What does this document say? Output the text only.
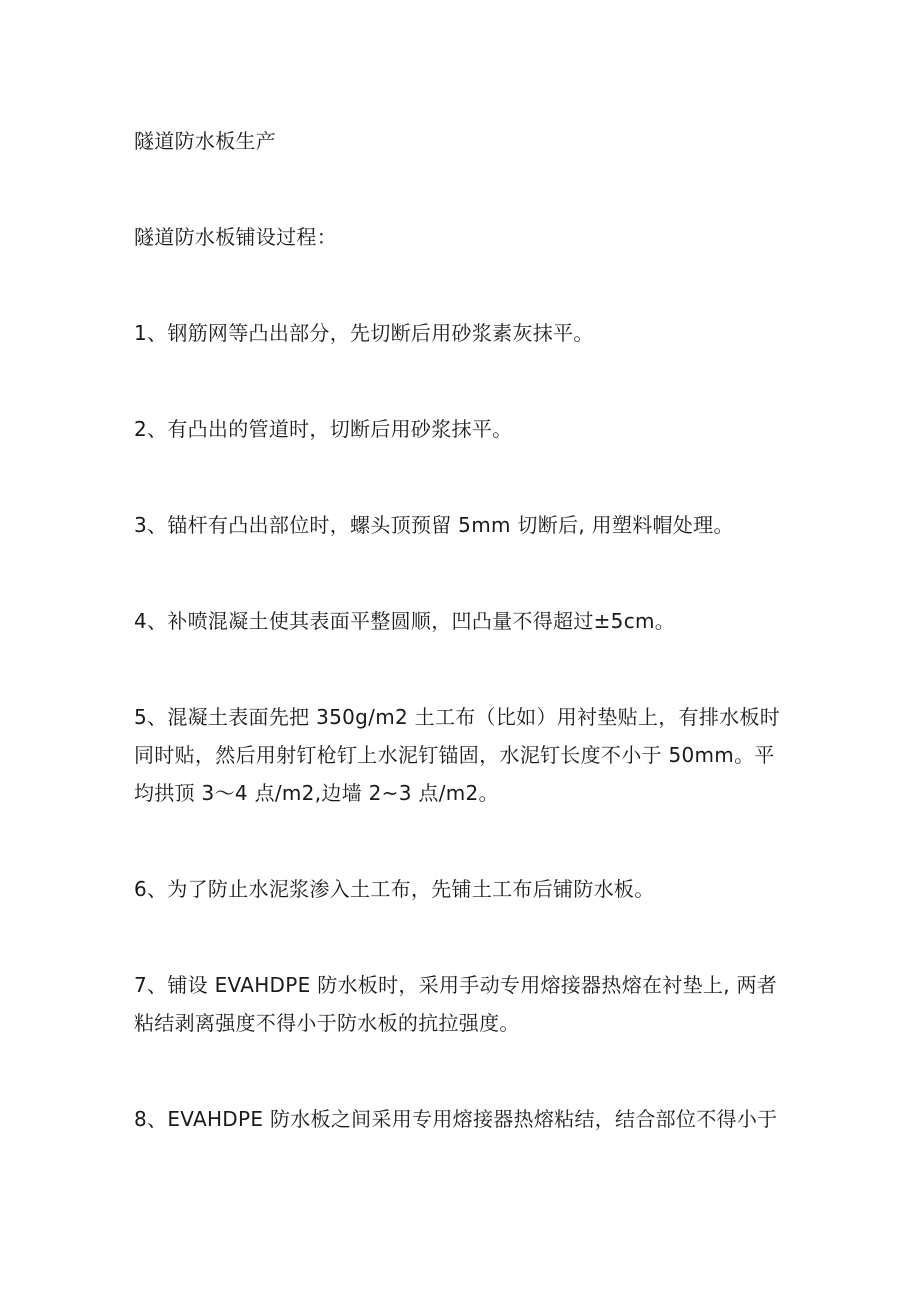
隧道防水板生产

隧道防水板铺设过程：

1、钢筋网等凸出部分，先切断后用砂浆素灰抹平。

2、有凸出的管道时，切断后用砂浆抹平。

3、锚杆有凸出部位时，螺头顶预留 5mm 切断后, 用塑料帽处理。

4、补喷混凝土使其表面平整圆顺，凹凸量不得超过±5cm。

5、混凝土表面先把 350g/m2 土工布（比如）用衬垫贴上，有排水板时同时贴，然后用射钉枪钉上水泥钉锚固，水泥钉长度不小于 50mm。平均拱顶 3～4 点/m2,边墙 2~3 点/m2。

6、为了防止水泥浆渗入土工布，先铺土工布后铺防水板。

7、铺设 EVAHDPE 防水板时，采用手动专用熔接器热熔在衬垫上, 两者粘结剥离强度不得小于防水板的抗拉强度。

8、EVAHDPE 防水板之间采用专用熔接器热熔粘结，结合部位不得小于
